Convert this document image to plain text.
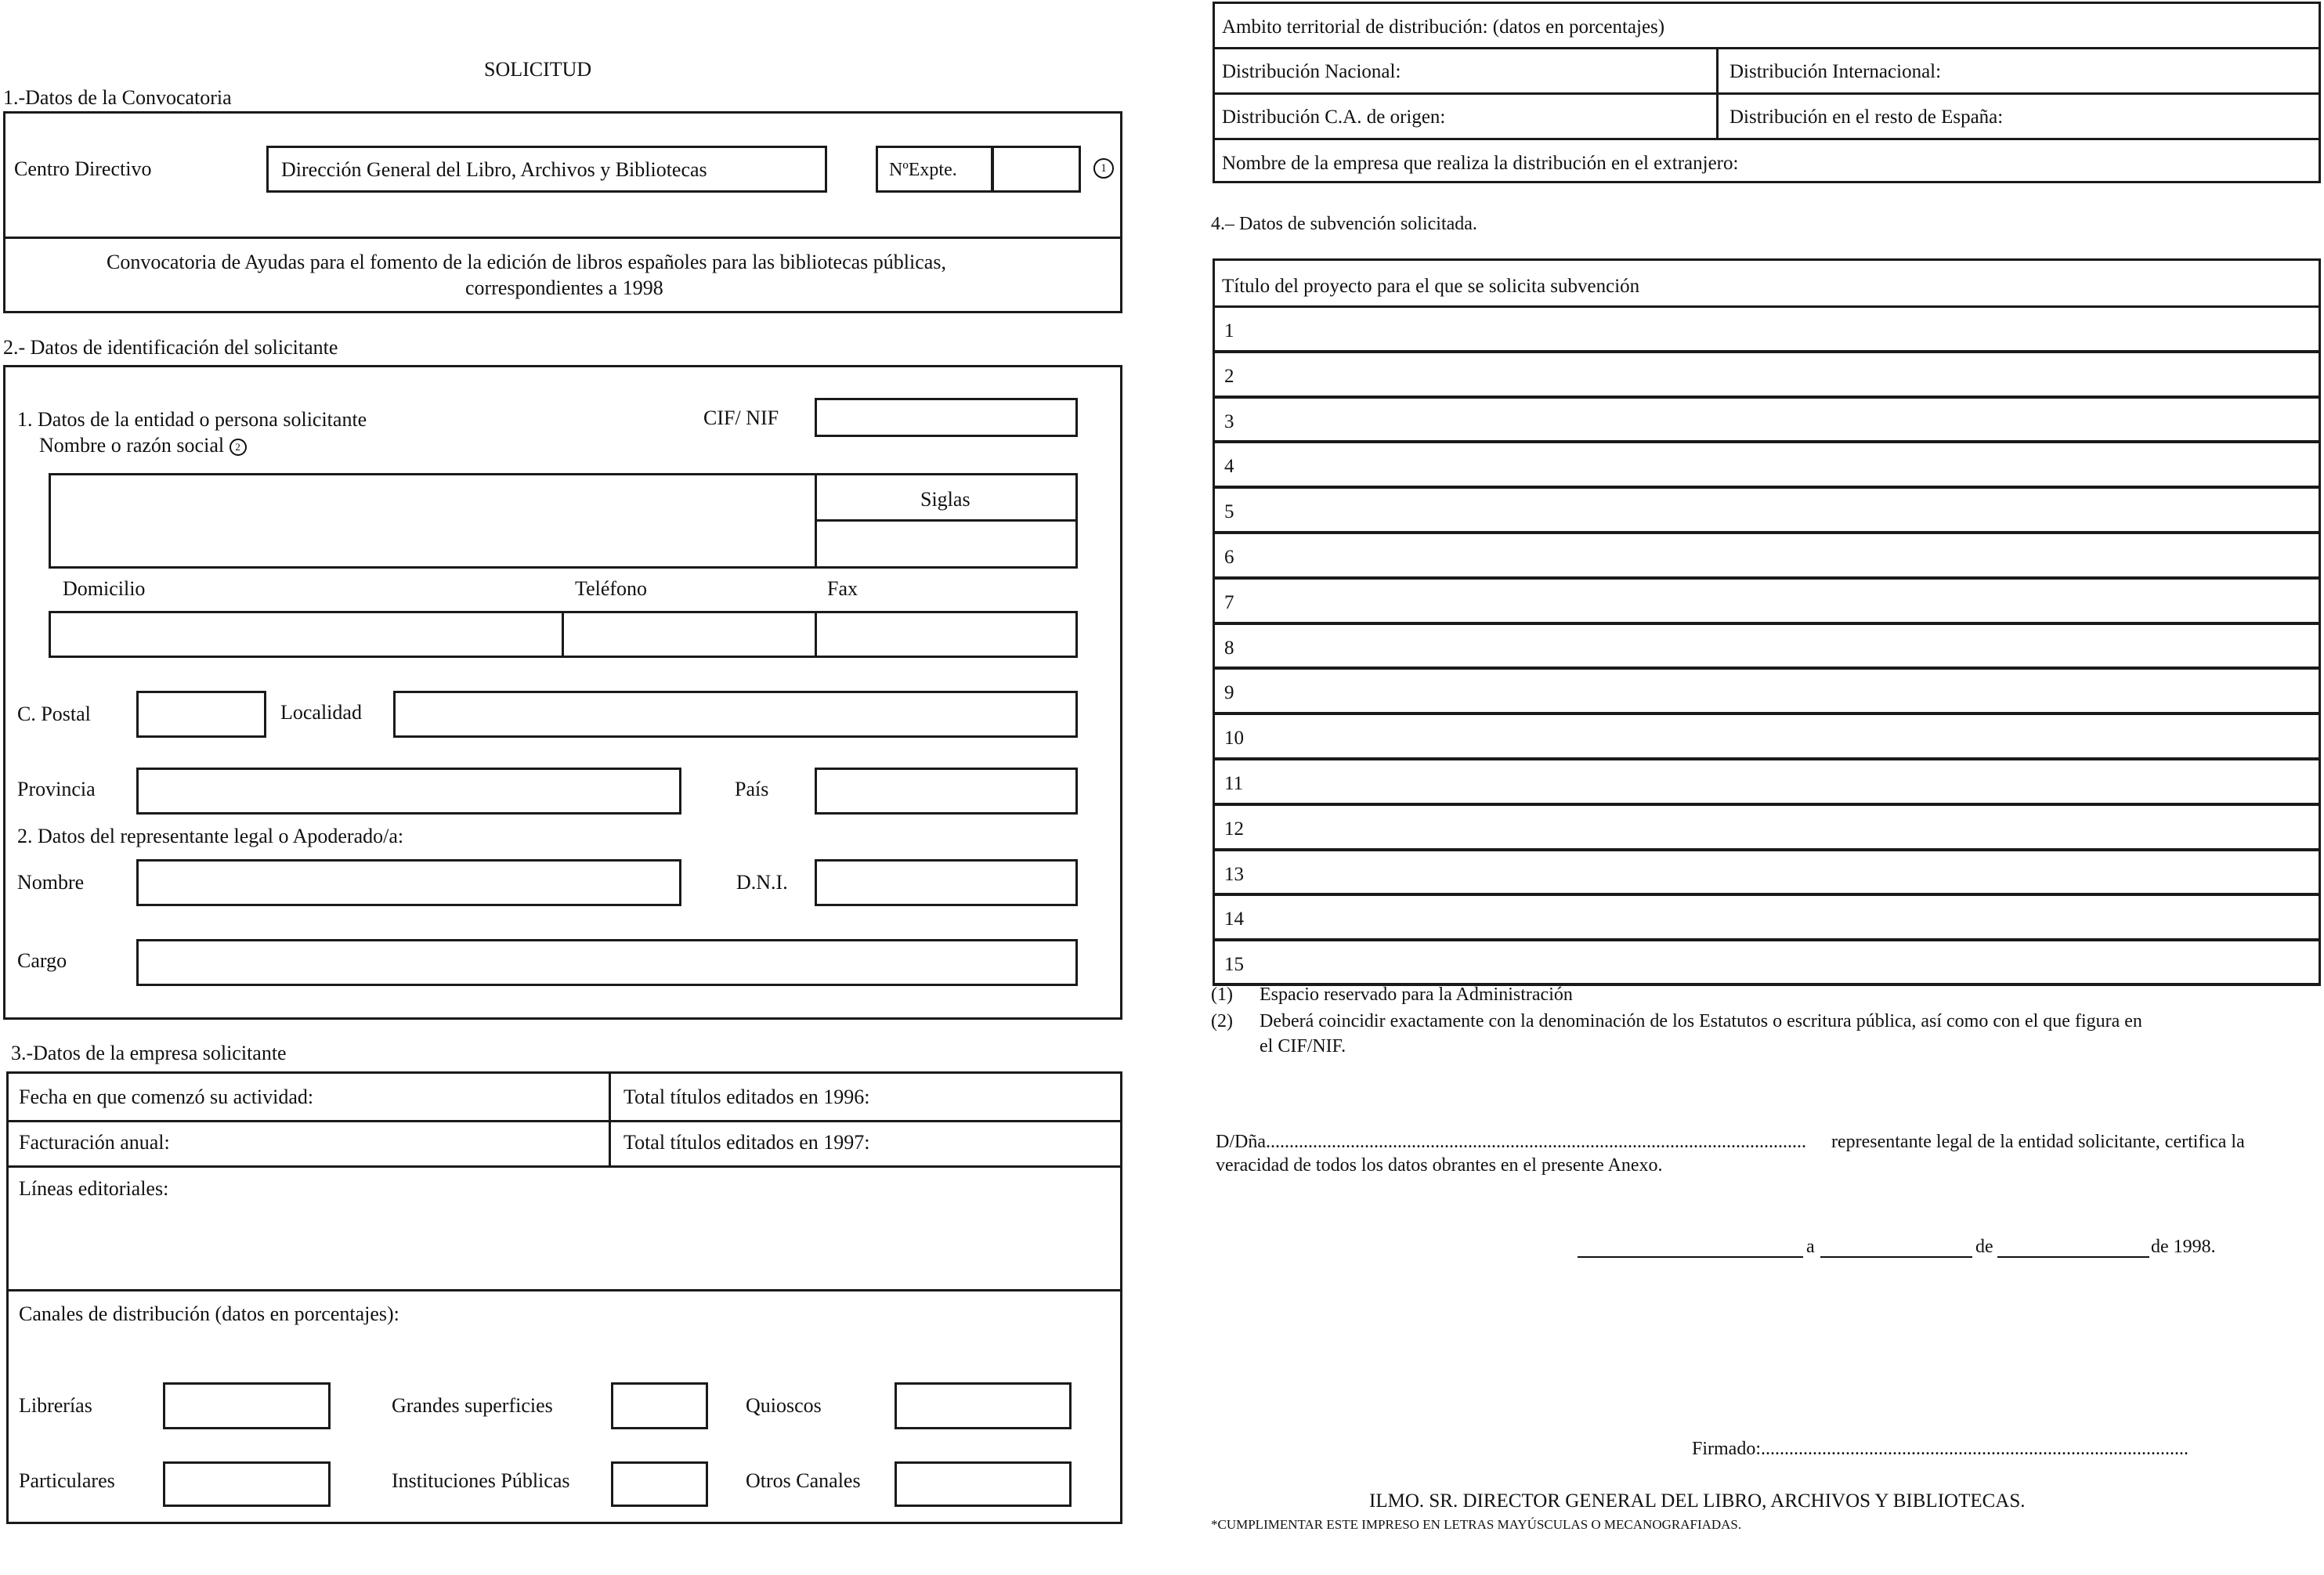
SOLICITUD
1.-Datos de la Convocatoria
Centro Directivo	Dirección General del Libro, Archivos y Bibliotecas	NºExpte.	1
Convocatoria de Ayudas para el fomento de la edición de libros españoles para las bibliotecas públicas,
correspondientes a 1998
2.- Datos de identificación del solicitante
1. Datos de la entidad o persona solicitante	CIF/ NIF
Nombre o razón social 2
Siglas
Domicilio	Teléfono	Fax
C. Postal	Localidad
Provincia	País
2. Datos del representante legal o Apoderado/a:
Nombre	D.N.I.
Cargo
3.-Datos de la empresa solicitante
Fecha en que comenzó su actividad:	Total títulos editados en 1996:
Facturación anual:	Total títulos editados en 1997:
Líneas editoriales:
Canales de distribución (datos en porcentajes):
Librerías	Grandes superficies	Quioscos
Particulares	Instituciones Públicas	Otros Canales
Ambito territorial de distribución: (datos en porcentajes)
Distribución Nacional:	Distribución Internacional:
Distribución C.A. de origen:	Distribución en el resto de España:
Nombre de la empresa que realiza la distribución en el extranjero:
4.– Datos de subvención solicitada.
Título del proyecto para el que se solicita subvención
1
2
3
4
5
6
7
8
9
10
11
12
13
14
15
(1) Espacio reservado para la Administración
(2) Deberá coincidir exactamente con la denominación de los Estatutos o escritura pública, así como con el que figura en
el CIF/NIF.
D/Dña................................................................................................................... representante legal de la entidad solicitante, certifica la
veracidad de todos los datos obrantes en el presente Anexo.
a	de	de 1998.
Firmado:...........................................................................................
ILMO. SR. DIRECTOR GENERAL DEL LIBRO, ARCHIVOS Y BIBLIOTECAS.
*CUMPLIMENTAR ESTE IMPRESO EN LETRAS MAYÚSCULAS O MECANOGRAFIADAS.
